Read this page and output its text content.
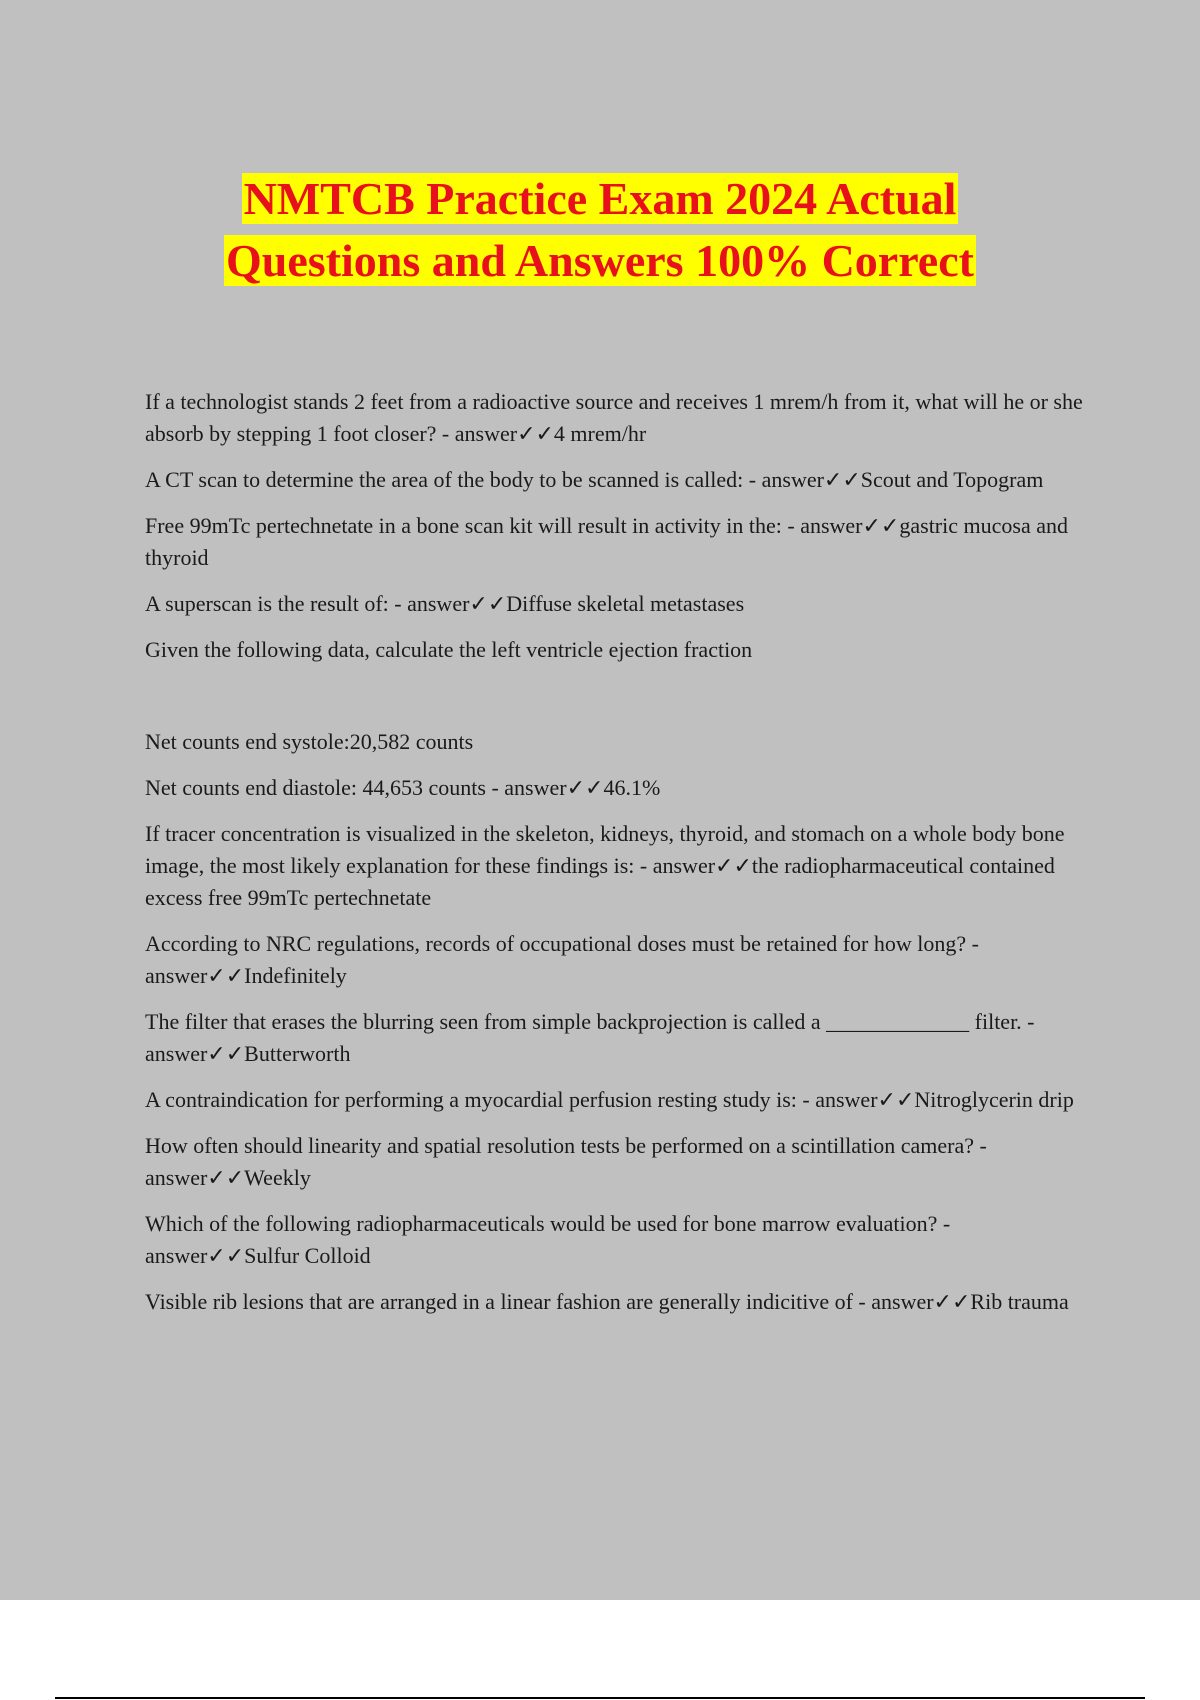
NMTCB Practice Exam 2024 Actual
Questions and Answers 100% Correct

If a technologist stands 2 feet from a radioactive source and receives 1 mrem/h from it, what will he or she absorb by stepping 1 foot closer? - answer✓✓4 mrem/hr

A CT scan to determine the area of the body to be scanned is called: - answer✓✓Scout and Topogram

Free 99mTc pertechnetate in a bone scan kit will result in activity in the: - answer✓✓gastric mucosa and thyroid

A superscan is the result of: - answer✓✓Diffuse skeletal metastases

Given the following data, calculate the left ventricle ejection fraction

Net counts end systole:20,582 counts

Net counts end diastole: 44,653 counts - answer✓✓46.1%

If tracer concentration is visualized in the skeleton, kidneys, thyroid, and stomach on a whole body bone image, the most likely explanation for these findings is: - answer✓✓the radiopharmaceutical contained excess free 99mTc pertechnetate

According to NRC regulations, records of occupational doses must be retained for how long? - answer✓✓Indefinitely

The filter that erases the blurring seen from simple backprojection is called a _____________ filter. - answer✓✓Butterworth

A contraindication for performing a myocardial perfusion resting study is: - answer✓✓Nitroglycerin drip

How often should linearity and spatial resolution tests be performed on a scintillation camera? - answer✓✓Weekly

Which of the following radiopharmaceuticals would be used for bone marrow evaluation? - answer✓✓Sulfur Colloid

Visible rib lesions that are arranged in a linear fashion are generally indicitive of - answer✓✓Rib trauma
